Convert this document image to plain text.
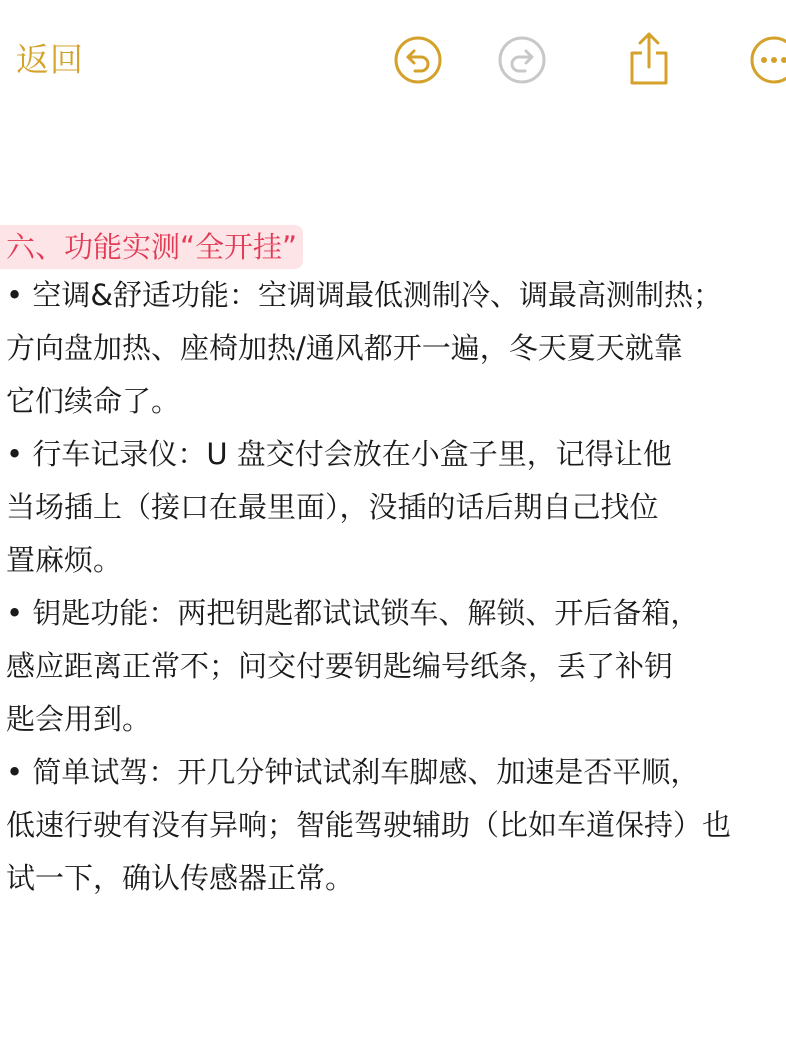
返回
六、功能实测“全开挂”
• 空调&舒适功能：空调调最低测制冷、调最高测制热；
方向盘加热、座椅加热/通风都开一遍，冬天夏天就靠
它们续命了。
• 行车记录仪：U 盘交付会放在小盒子里，记得让他
当场插上（接口在最里面），没插的话后期自己找位
置麻烦。
• 钥匙功能：两把钥匙都试试锁车、解锁、开后备箱，
感应距离正常不；问交付要钥匙编号纸条，丢了补钥
匙会用到。
• 简单试驾：开几分钟试试刹车脚感、加速是否平顺，
低速行驶有没有异响；智能驾驶辅助（比如车道保持）也
试一下，确认传感器正常。
